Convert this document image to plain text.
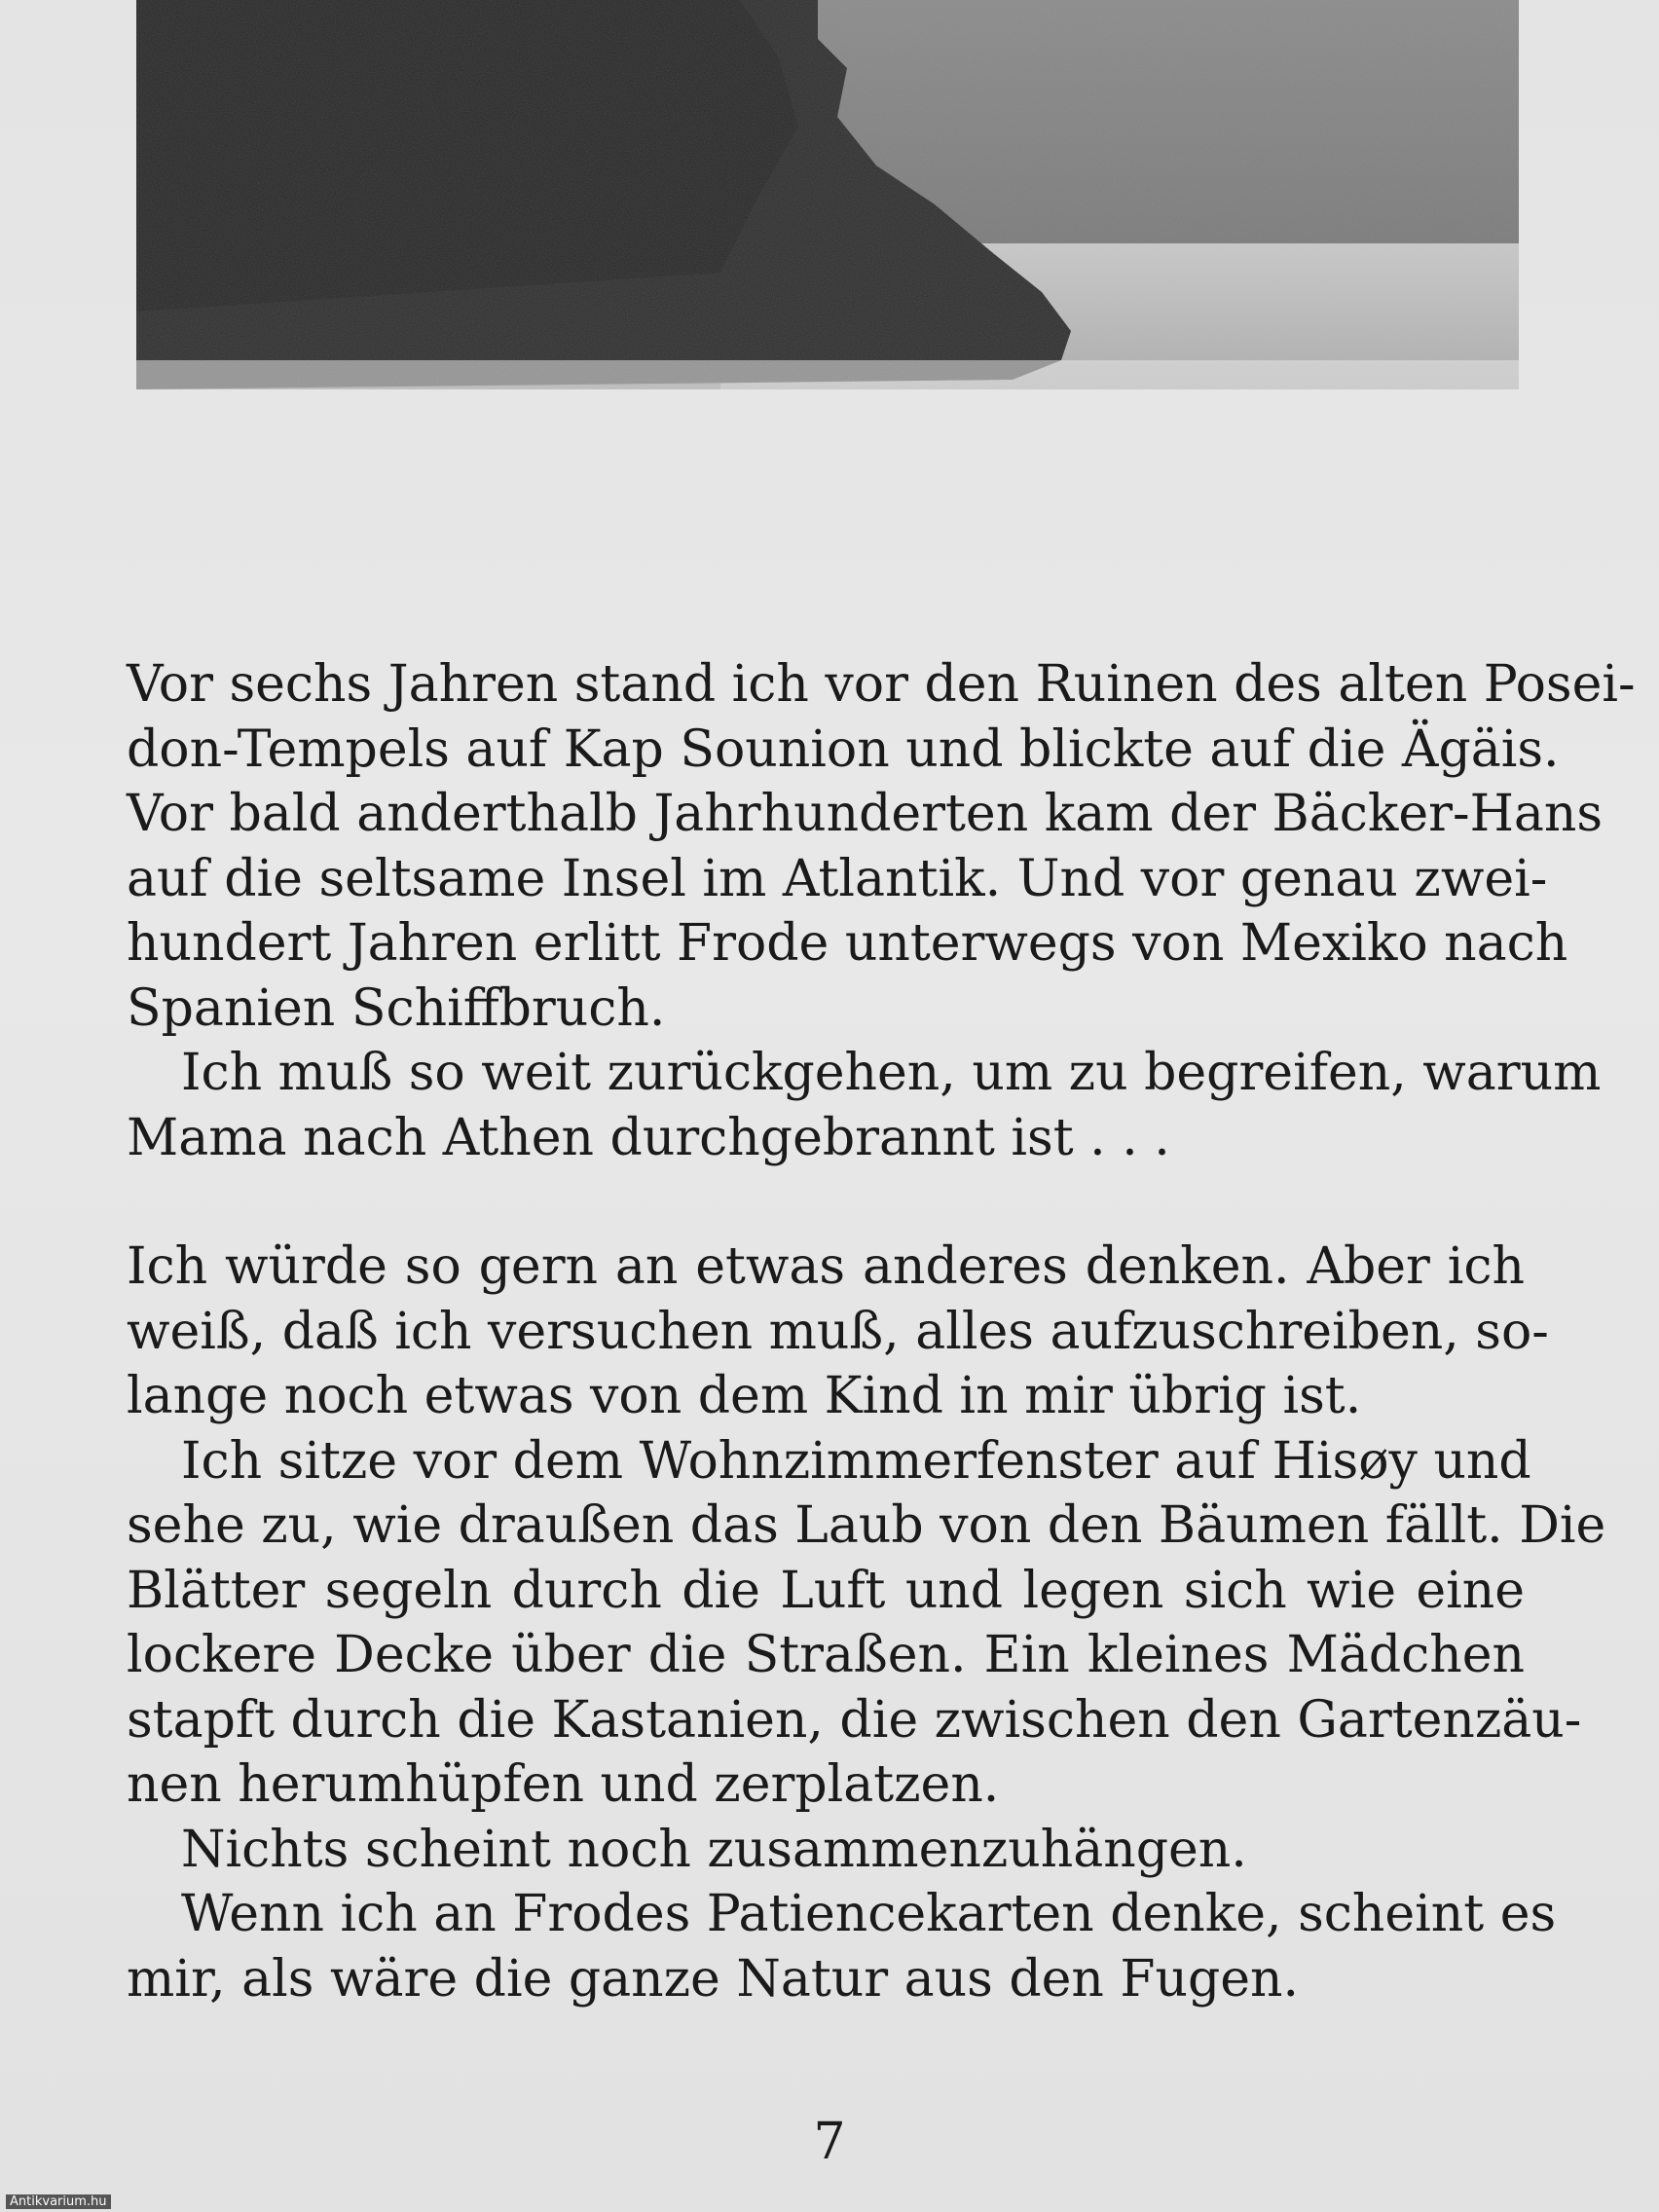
Vor sechs Jahren stand ich vor den Ruinen des alten Posei-
don-Tempels auf Kap Sounion und blickte auf die Ägäis.
Vor bald anderthalb Jahrhunderten kam der Bäcker-Hans
auf die seltsame Insel im Atlantik. Und vor genau zwei-
hundert Jahren erlitt Frode unterwegs von Mexiko nach
Spanien Schiffbruch.

Ich muß so weit zurückgehen, um zu begreifen, warum
Mama nach Athen durchgebrannt ist . . .

Ich würde so gern an etwas anderes denken. Aber ich
weiß, daß ich versuchen muß, alles aufzuschreiben, so-
lange noch etwas von dem Kind in mir übrig ist.

Ich sitze vor dem Wohnzimmerfenster auf Hisøy und
sehe zu, wie draußen das Laub von den Bäumen fällt. Die
Blätter segeln durch die Luft und legen sich wie eine
lockere Decke über die Straßen. Ein kleines Mädchen
stapft durch die Kastanien, die zwischen den Gartenzäu-
nen herumhüpfen und zerplatzen.

Nichts scheint noch zusammenzuhängen.

Wenn ich an Frodes Patiencekarten denke, scheint es
mir, als wäre die ganze Natur aus den Fugen.

7
Antikvarium.hu
